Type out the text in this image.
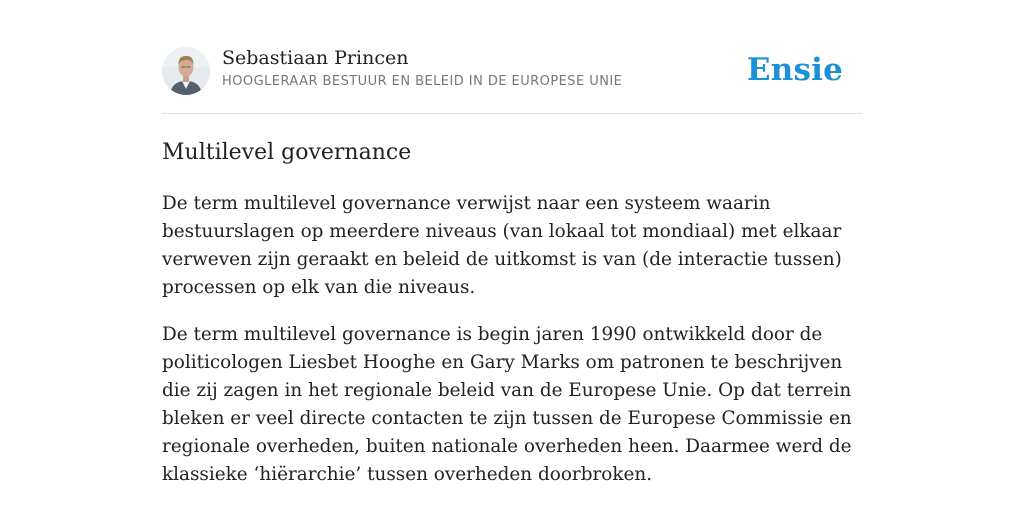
Sebastiaan Princen
HOOGLERAAR BESTUUR EN BELEID IN DE EUROPESE UNIE	Ensie
Multilevel governance

De term multilevel governance verwijst naar een systeem waarin bestuurslagen op meerdere niveaus (van lokaal tot mondiaal) met elkaar verweven zijn geraakt en beleid de uitkomst is van (de interactie tussen) processen op elk van die niveaus.

De term multilevel governance is begin jaren 1990 ontwikkeld door de politicologen Liesbet Hooghe en Gary Marks om patronen te beschrijven die zij zagen in het regionale beleid van de Europese Unie. Op dat terrein bleken er veel directe contacten te zijn tussen de Europese Commissie en regionale overheden, buiten nationale overheden heen. Daarmee werd de klassieke ‘hiërarchie’ tussen overheden doorbroken.
